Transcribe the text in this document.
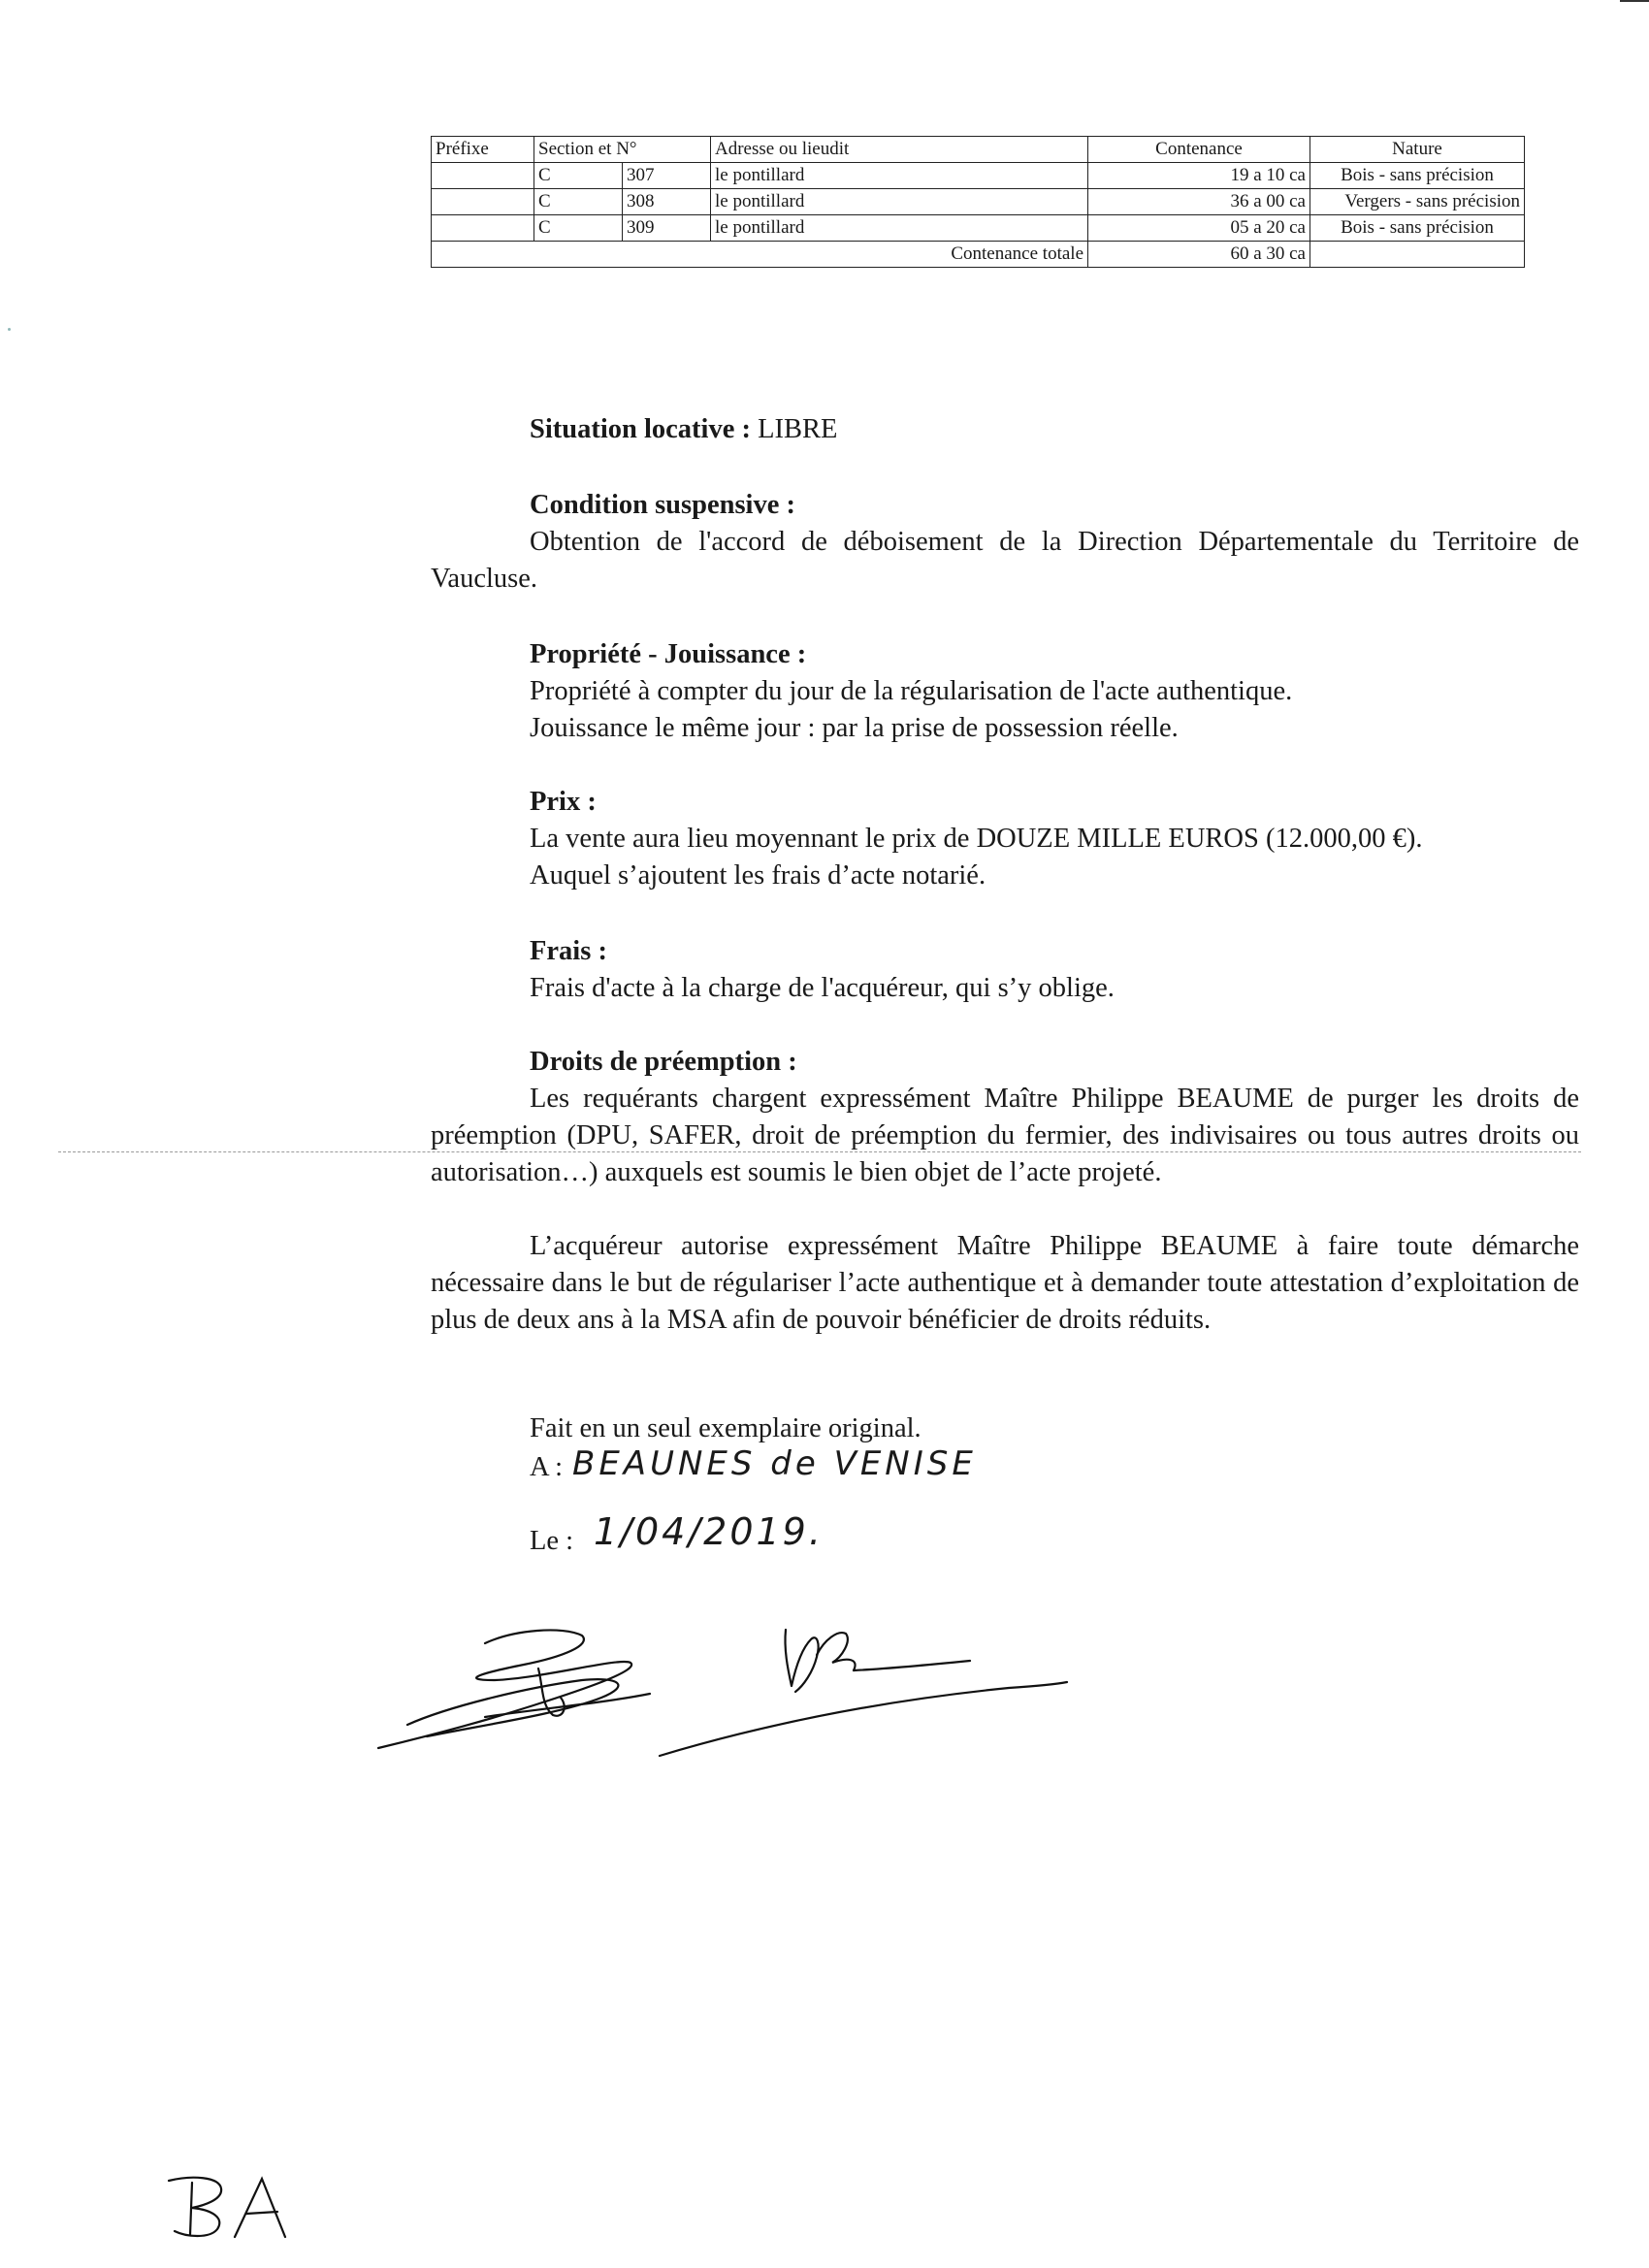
Préfixe	Section et N°		Adresse ou lieudit	Contenance	Nature
	C	307	le pontillard	19 a 10 ca	Bois - sans précision
	C	308	le pontillard	36 a 00 ca	Vergers - sans précision
	C	309	le pontillard	05 a 20 ca	Bois - sans précision
Contenance totale				60 a 30 ca	

Situation locative : LIBRE

Condition suspensive :

Obtention de l'accord de déboisement de la Direction Départementale du Territoire de Vaucluse.

Propriété - Jouissance :

Propriété à compter du jour de la régularisation de l'acte authentique.

Jouissance le même jour : par la prise de possession réelle.

Prix :

La vente aura lieu moyennant le prix de DOUZE MILLE EUROS (12.000,00 €).

Auquel s’ajoutent les frais d’acte notarié.

Frais :

Frais d'acte à la charge de l'acquéreur, qui s’y oblige.

Droits de préemption :

Les requérants chargent expressément Maître Philippe BEAUME de purger les droits de préemption (DPU, SAFER, droit de préemption du fermier, des indivisaires ou tous autres droits ou autorisation…) auxquels est soumis le bien objet de l’acte projeté.

L’acquéreur autorise expressément Maître Philippe BEAUME à faire toute démarche nécessaire dans le but de régulariser l’acte authentique et à demander toute attestation d’exploitation de plus de deux ans à la MSA afin de pouvoir bénéficier de droits réduits.

Fait en un seul exemplaire original.

A : BEAUNES de VENISE

Le : 1/04/2019.
